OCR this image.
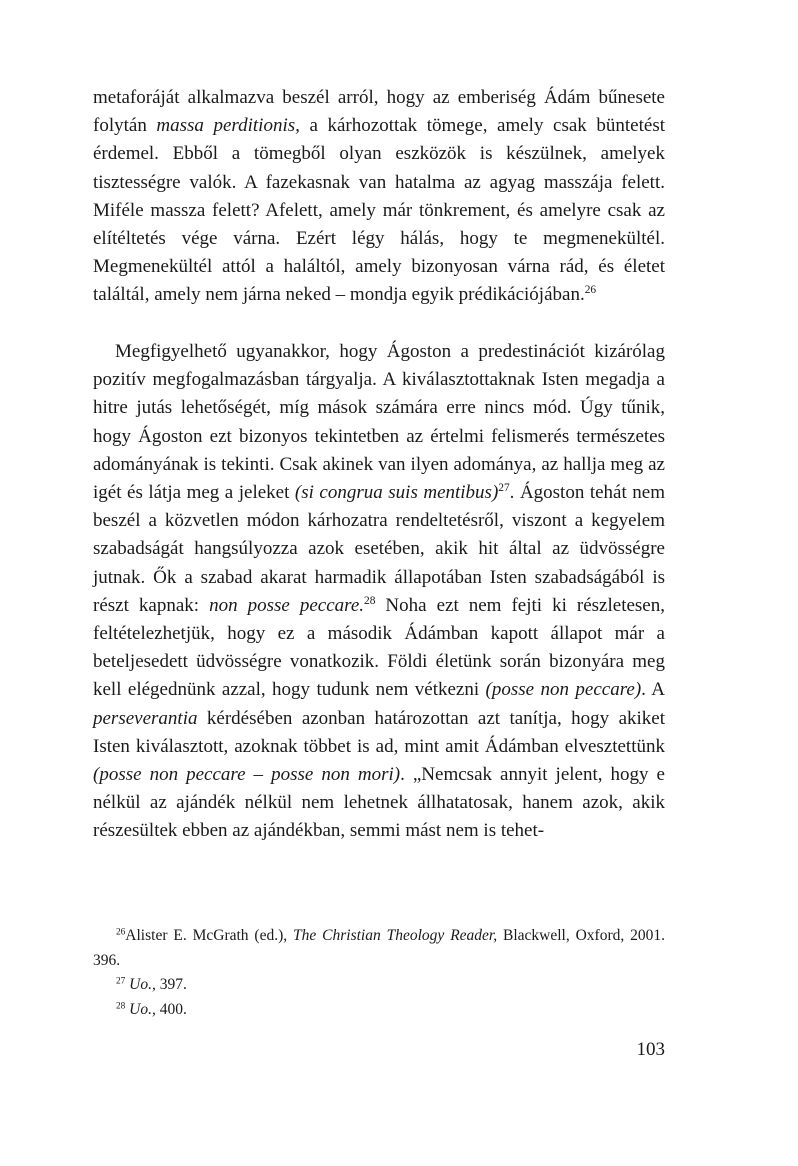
metaforáját alkalmazva beszél arról, hogy az emberiség Ádám bűnesete folytán massa perditionis, a kárhozottak tömege, amely csak büntetést érdemel. Ebből a tömegből olyan eszközök is készülnek, amelyek tisztességre valók. A fazekasnak van hatalma az agyag masszája felett. Miféle massza felett? Afelett, amely már tönkrement, és amelyre csak az elítéltetés vége várna. Ezért légy hálás, hogy te megmenekültél. Megmenekültél attól a haláltól, amely bizonyosan várna rád, és életet találtál, amely nem járna neked – mondja egyik prédikációjában.$^{26}$

Megfigyelhető ugyanakkor, hogy Ágoston a predestinációt kizárólag pozitív megfogalmazásban tárgyalja. A kiválasztottaknak Isten megadja a hitre jutás lehetőségét, míg mások számára erre nincs mód. Úgy tűnik, hogy Ágoston ezt bizonyos tekintetben az értelmi felismerés természetes adományának is tekinti. Csak akinek van ilyen adománya, az hallja meg az igét és látja meg a jeleket (si congrua suis mentibus)$^{27}$. Ágoston tehát nem beszél a közvetlen módon kárhozatra rendeltetésről, viszont a kegyelem szabadságát hangsúlyozza azok esetében, akik hit által az üdvösségre jutnak. Ők a szabad akarat harmadik állapotában Isten szabadságából is részt kapnak: non posse peccare.$^{28}$ Noha ezt nem fejti ki részletesen, feltételezhetjük, hogy ez a második Ádámban kapott állapot már a beteljesedett üdvösségre vonatkozik. Földi életünk során bizonyára meg kell elégednünk azzal, hogy tudunk nem vétkezni (posse non peccare). A perseverantia kérdésében azonban határozottan azt tanítja, hogy akiket Isten kiválasztott, azoknak többet is ad, mint amit Ádámban elvesztettünk (posse non peccare – posse non mori). „Nemcsak annyit jelent, hogy e nélkül az ajándék nélkül nem lehetnek állhatatosak, hanem azok, akik részesültek ebben az ajándékban, semmi mást nem is tehet-

$^{26}$Alister E. McGrath (ed.), The Christian Theology Reader, Blackwell, Oxford, 2001. 396.

$^{27}$ Uo., 397.

$^{28}$ Uo., 400.

103
